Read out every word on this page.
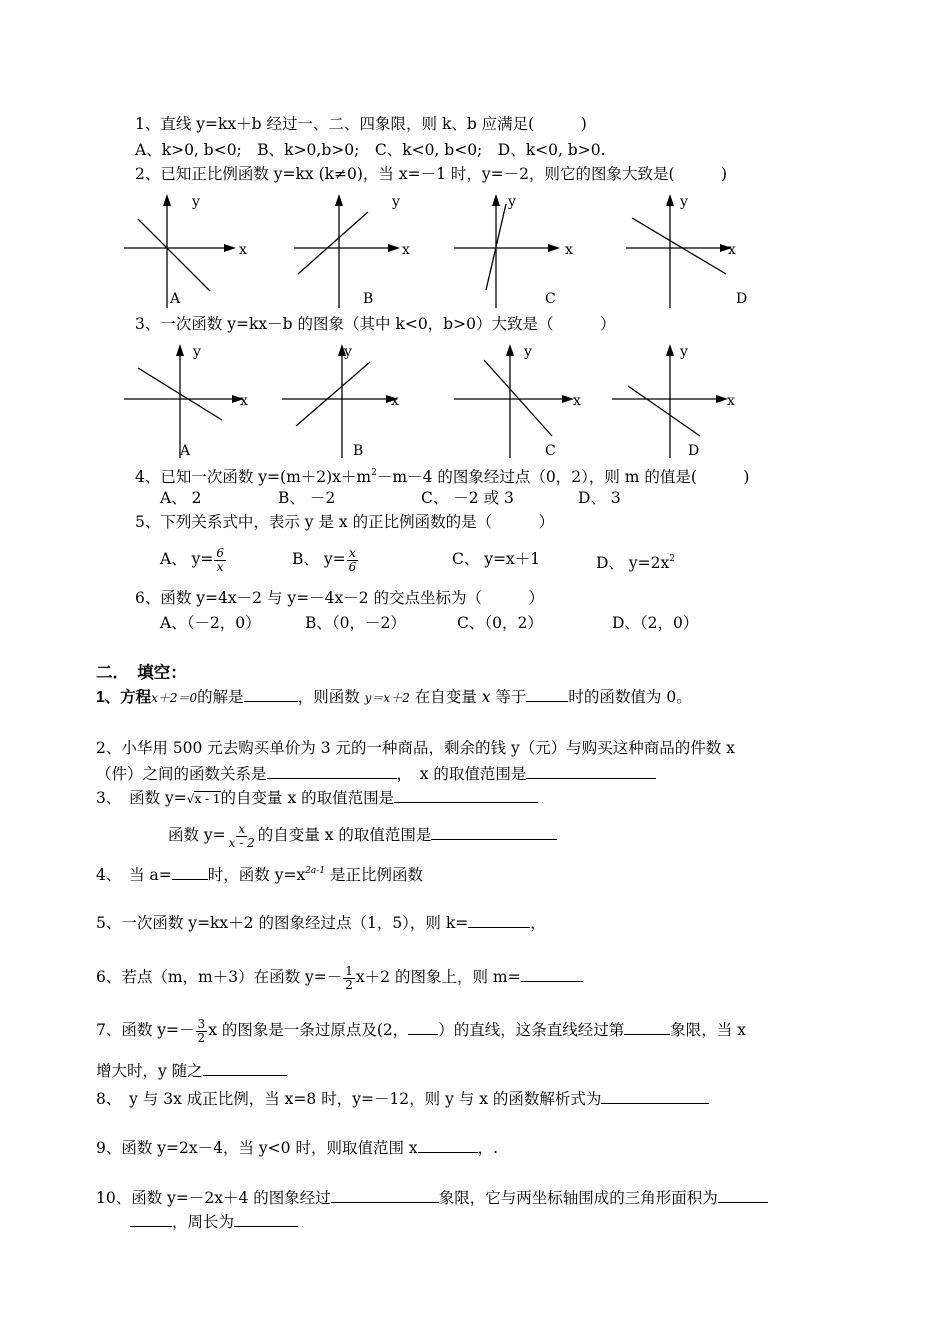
1、直线 y=kx＋b 经过一、二、四象限，则 k、b 应满足(　　　)
A、k>0, b<0;　B、k>0,b>0;　C、k<0, b<0;　D、k<0, b>0.
2、已知正比例函数 y=kx (k≠0)，当 x=－1 时，y=－2，则它的图象大致是(　　　)
y
x
A
y
x
B
y
x
C
y
x
D
3、一次函数 y=kx－b 的图象（其中 k<0，b>0）大致是（　　　）
y
x
A
y
x
B
y
x
C
y
x
D
4、已知一次函数 $y=(m+2)x+m^2-m-4$ 的图象经过点（0，2），则 m 的值是(　　　)
A、 2	B、 －2	C、 －2 或 3	D、 3
5、下列关系式中，表示 y 是 x 的正比例函数的是（　　　）
A、 $y= \frac{6}{x}$	B、 $y= \frac{x}{6}$	C、 y=x＋1	D、 $y=2x^2$
6、函数 y=4x－2 与 y=－4x－2 的交点坐标为（　　　）
A、（－2，0）	B、（0，－2）	C、（0，2）	D、（2，0）
二．　填空：
1、方程x＋2＝0的解是	，则函数 y＝x＋2 在自变量 x 等于	时的函数值为 0。
2、小华用 500 元去购买单价为 3 元的一种商品，剩余的钱 y（元）与购买这种商品的件数 x
（件）之间的函数关系是	，　x 的取值范围是
3、　函数 y=√x - 1的自变量 x 的取值范围是
函数 $y= \frac{x}{x - 2}$ 的自变量 x 的取值范围是
4、　当 a= 时，函数 $y=x^{2a-1}$ 是正比例函数
5、一次函数 y=kx＋2 的图象经过点（1，5），则 k=	，
6、若点（m，m＋3）在函数 $y=- \frac{1}{2} x+2$ 的图象上，则 m=
7、函数 $y=- \frac{3}{2}$ x 的图象是一条过原点及(2， ）的直线，这条直线经过第	象限，当 x
增大时，y 随之
8、　y 与 3x 成正比例，当 x=8 时，y=－12，则 y 与 x 的函数解析式为
9、函数 y=2x－4，当 y<0 时，则取值范围 x	，.
10、函数 y=－2x＋4 的图象经过	象限，它与两坐标轴围成的三角形面积为
，周长为
